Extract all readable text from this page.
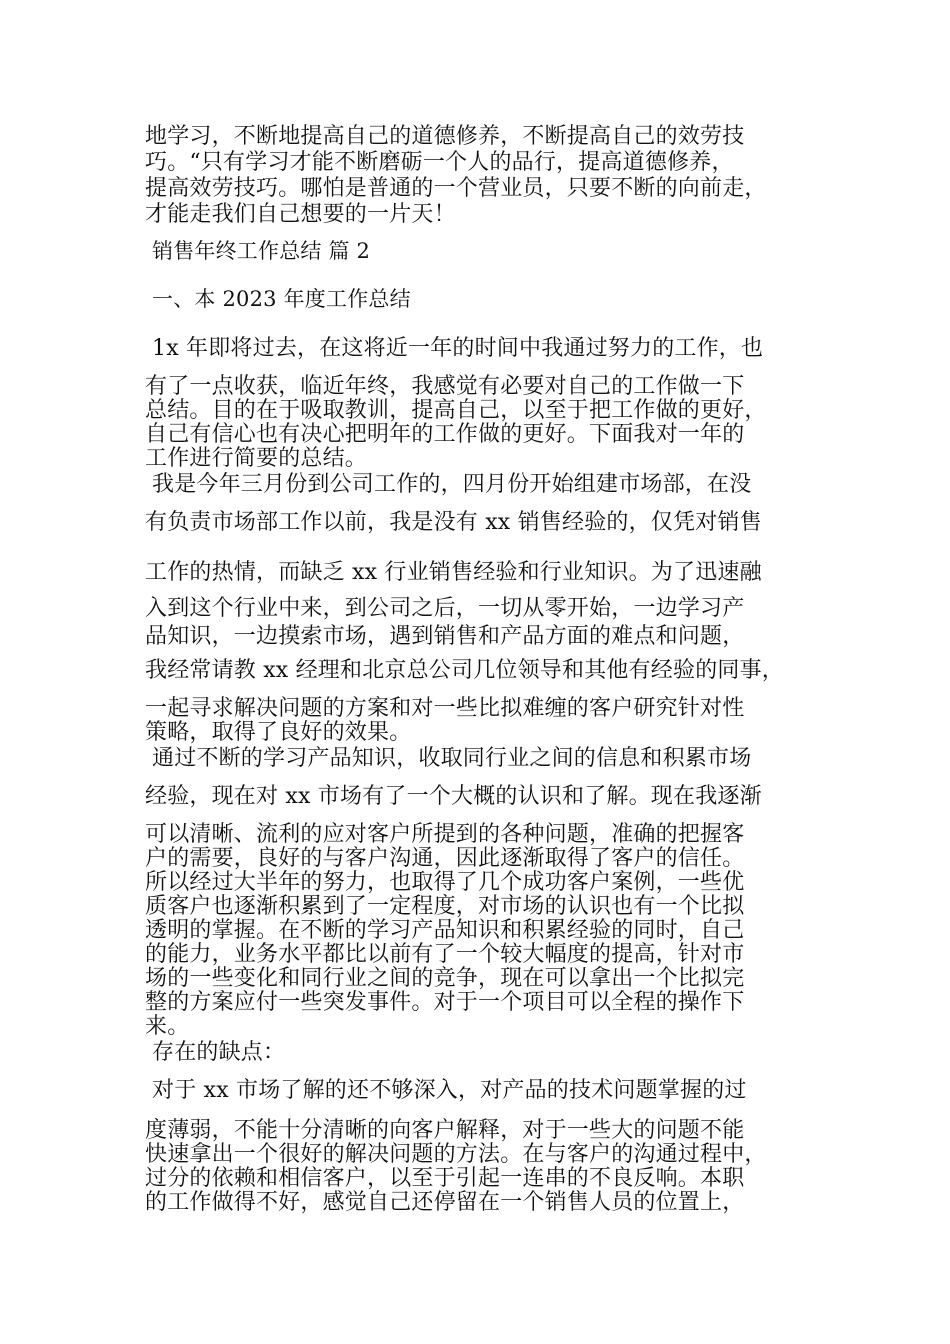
地学习，不断地提高自己的道德修养，不断提高自己的效劳技
巧。“只有学习才能不断磨砺一个人的品行，提高道德修养，
提高效劳技巧。哪怕是普通的一个营业员，只要不断的向前走，
才能走我们自己想要的一片天！
销售年终工作总结 篇 2
一、本 2023 年度工作总结
1x 年即将过去，在这将近一年的时间中我通过努力的工作，也
有了一点收获，临近年终，我感觉有必要对自己的工作做一下
总结。目的在于吸取教训，提高自己，以至于把工作做的更好，
自己有信心也有决心把明年的工作做的更好。下面我对一年的
工作进行简要的总结。
我是今年三月份到公司工作的，四月份开始组建市场部，在没
有负责市场部工作以前，我是没有 xx 销售经验的，仅凭对销售
工作的热情，而缺乏 xx 行业销售经验和行业知识。为了迅速融
入到这个行业中来，到公司之后，一切从零开始，一边学习产
品知识，一边摸索市场，遇到销售和产品方面的难点和问题，
我经常请教 xx 经理和北京总公司几位领导和其他有经验的同事，
一起寻求解决问题的方案和对一些比拟难缠的客户研究针对性
策略，取得了良好的效果。
通过不断的学习产品知识，收取同行业之间的信息和积累市场
经验，现在对 xx 市场有了一个大概的认识和了解。现在我逐渐
可以清晰、流利的应对客户所提到的各种问题，准确的把握客
户的需要，良好的与客户沟通，因此逐渐取得了客户的信任。
所以经过大半年的努力，也取得了几个成功客户案例，一些优
质客户也逐渐积累到了一定程度，对市场的认识也有一个比拟
透明的掌握。在不断的学习产品知识和积累经验的同时，自己
的能力，业务水平都比以前有了一个较大幅度的提高，针对市
场的一些变化和同行业之间的竞争，现在可以拿出一个比拟完
整的方案应付一些突发事件。对于一个项目可以全程的操作下
来。
存在的缺点：
对于 xx 市场了解的还不够深入，对产品的技术问题掌握的过
度薄弱，不能十分清晰的向客户解释，对于一些大的问题不能
快速拿出一个很好的解决问题的方法。在与客户的沟通过程中，
过分的依赖和相信客户，以至于引起一连串的不良反响。本职
的工作做得不好，感觉自己还停留在一个销售人员的位置上，
